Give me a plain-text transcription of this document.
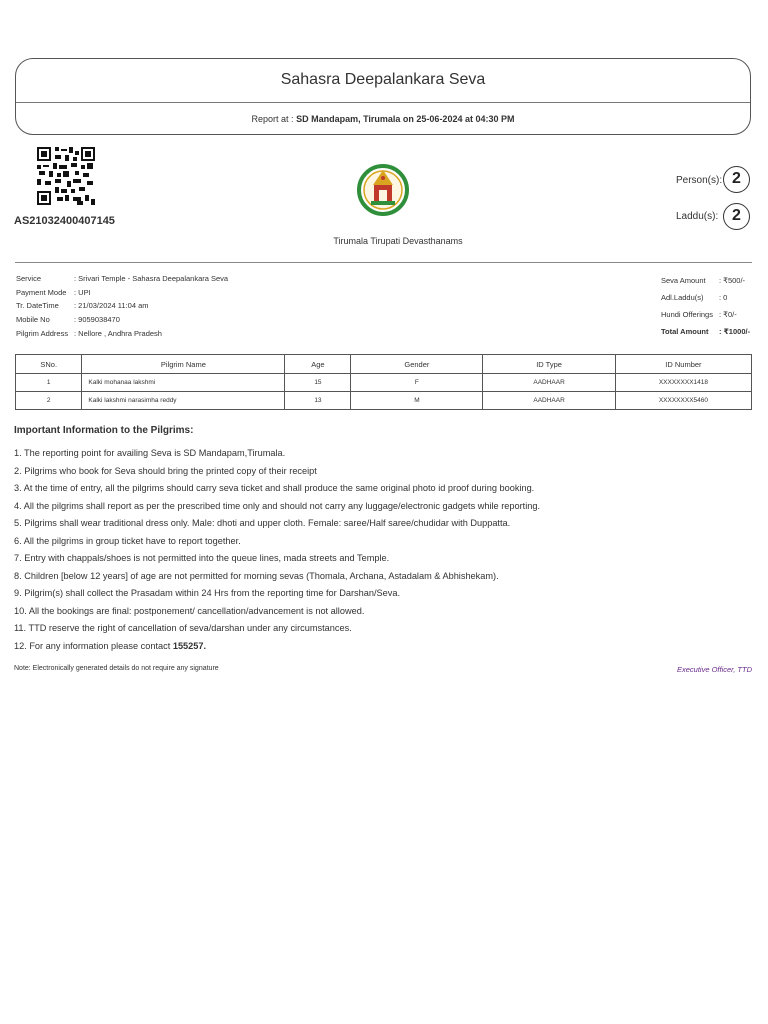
Sahasra Deepalankara Seva
Report at : SD Mandapam, Tirumala on 25-06-2024 at 04:30 PM
AS21032400407145
Tirumala Tirupati Devasthanams
Person(s): 2
Laddu(s): 2
Service	: Srivari Temple - Sahasra Deepalankara Seva
Payment Mode : UPI
Tr. DateTime : 21/03/2024 11:04 am
Mobile No	: 9059038470
Pilgrim Address : Nellore , Andhra Pradesh
Seva Amount : ₹500/-
Adl.Laddu(s) : 0
Hundi Offerings : ₹0/-
Total Amount : ₹1000/-
SNo.	Pilgrim Name	Age	Gender	ID Type	ID Number
1	Kalki mohanaa lakshmi	15	F	AADHAAR	XXXXXXXX1418
2	Kalki lakshmi narasimha reddy	13	M	AADHAAR	XXXXXXXX5460
Important Information to the Pilgrims:
1. The reporting point for availing Seva is SD Mandapam,Tirumala.
2. Pilgrims who book for Seva should bring the printed copy of their receipt
3. At the time of entry, all the pilgrims should carry seva ticket and shall produce the same original photo id proof during booking.
4. All the pilgrims shall report as per the prescribed time only and should not carry any luggage/electronic gadgets while reporting.
5. Pilgrims shall wear traditional dress only. Male: dhoti and upper cloth. Female: saree/Half saree/chudidar with Duppatta.
6. All the pilgrims in group ticket have to report together.
7. Entry with chappals/shoes is not permitted into the queue lines, mada streets and Temple.
8. Children [below 12 years] of age are not permitted for morning sevas (Thomala, Archana, Astadalam & Abhishekam).
9. Pilgrim(s) shall collect the Prasadam within 24 Hrs from the reporting time for Darshan/Seva.
10. All the bookings are final: postponement/ cancellation/advancement is not allowed.
11. TTD reserve the right of cancellation of seva/darshan under any circumstances.
12. For any information please contact 155257.
Note: Electronically generated details do not require any signature	Executive Officer, TTD
